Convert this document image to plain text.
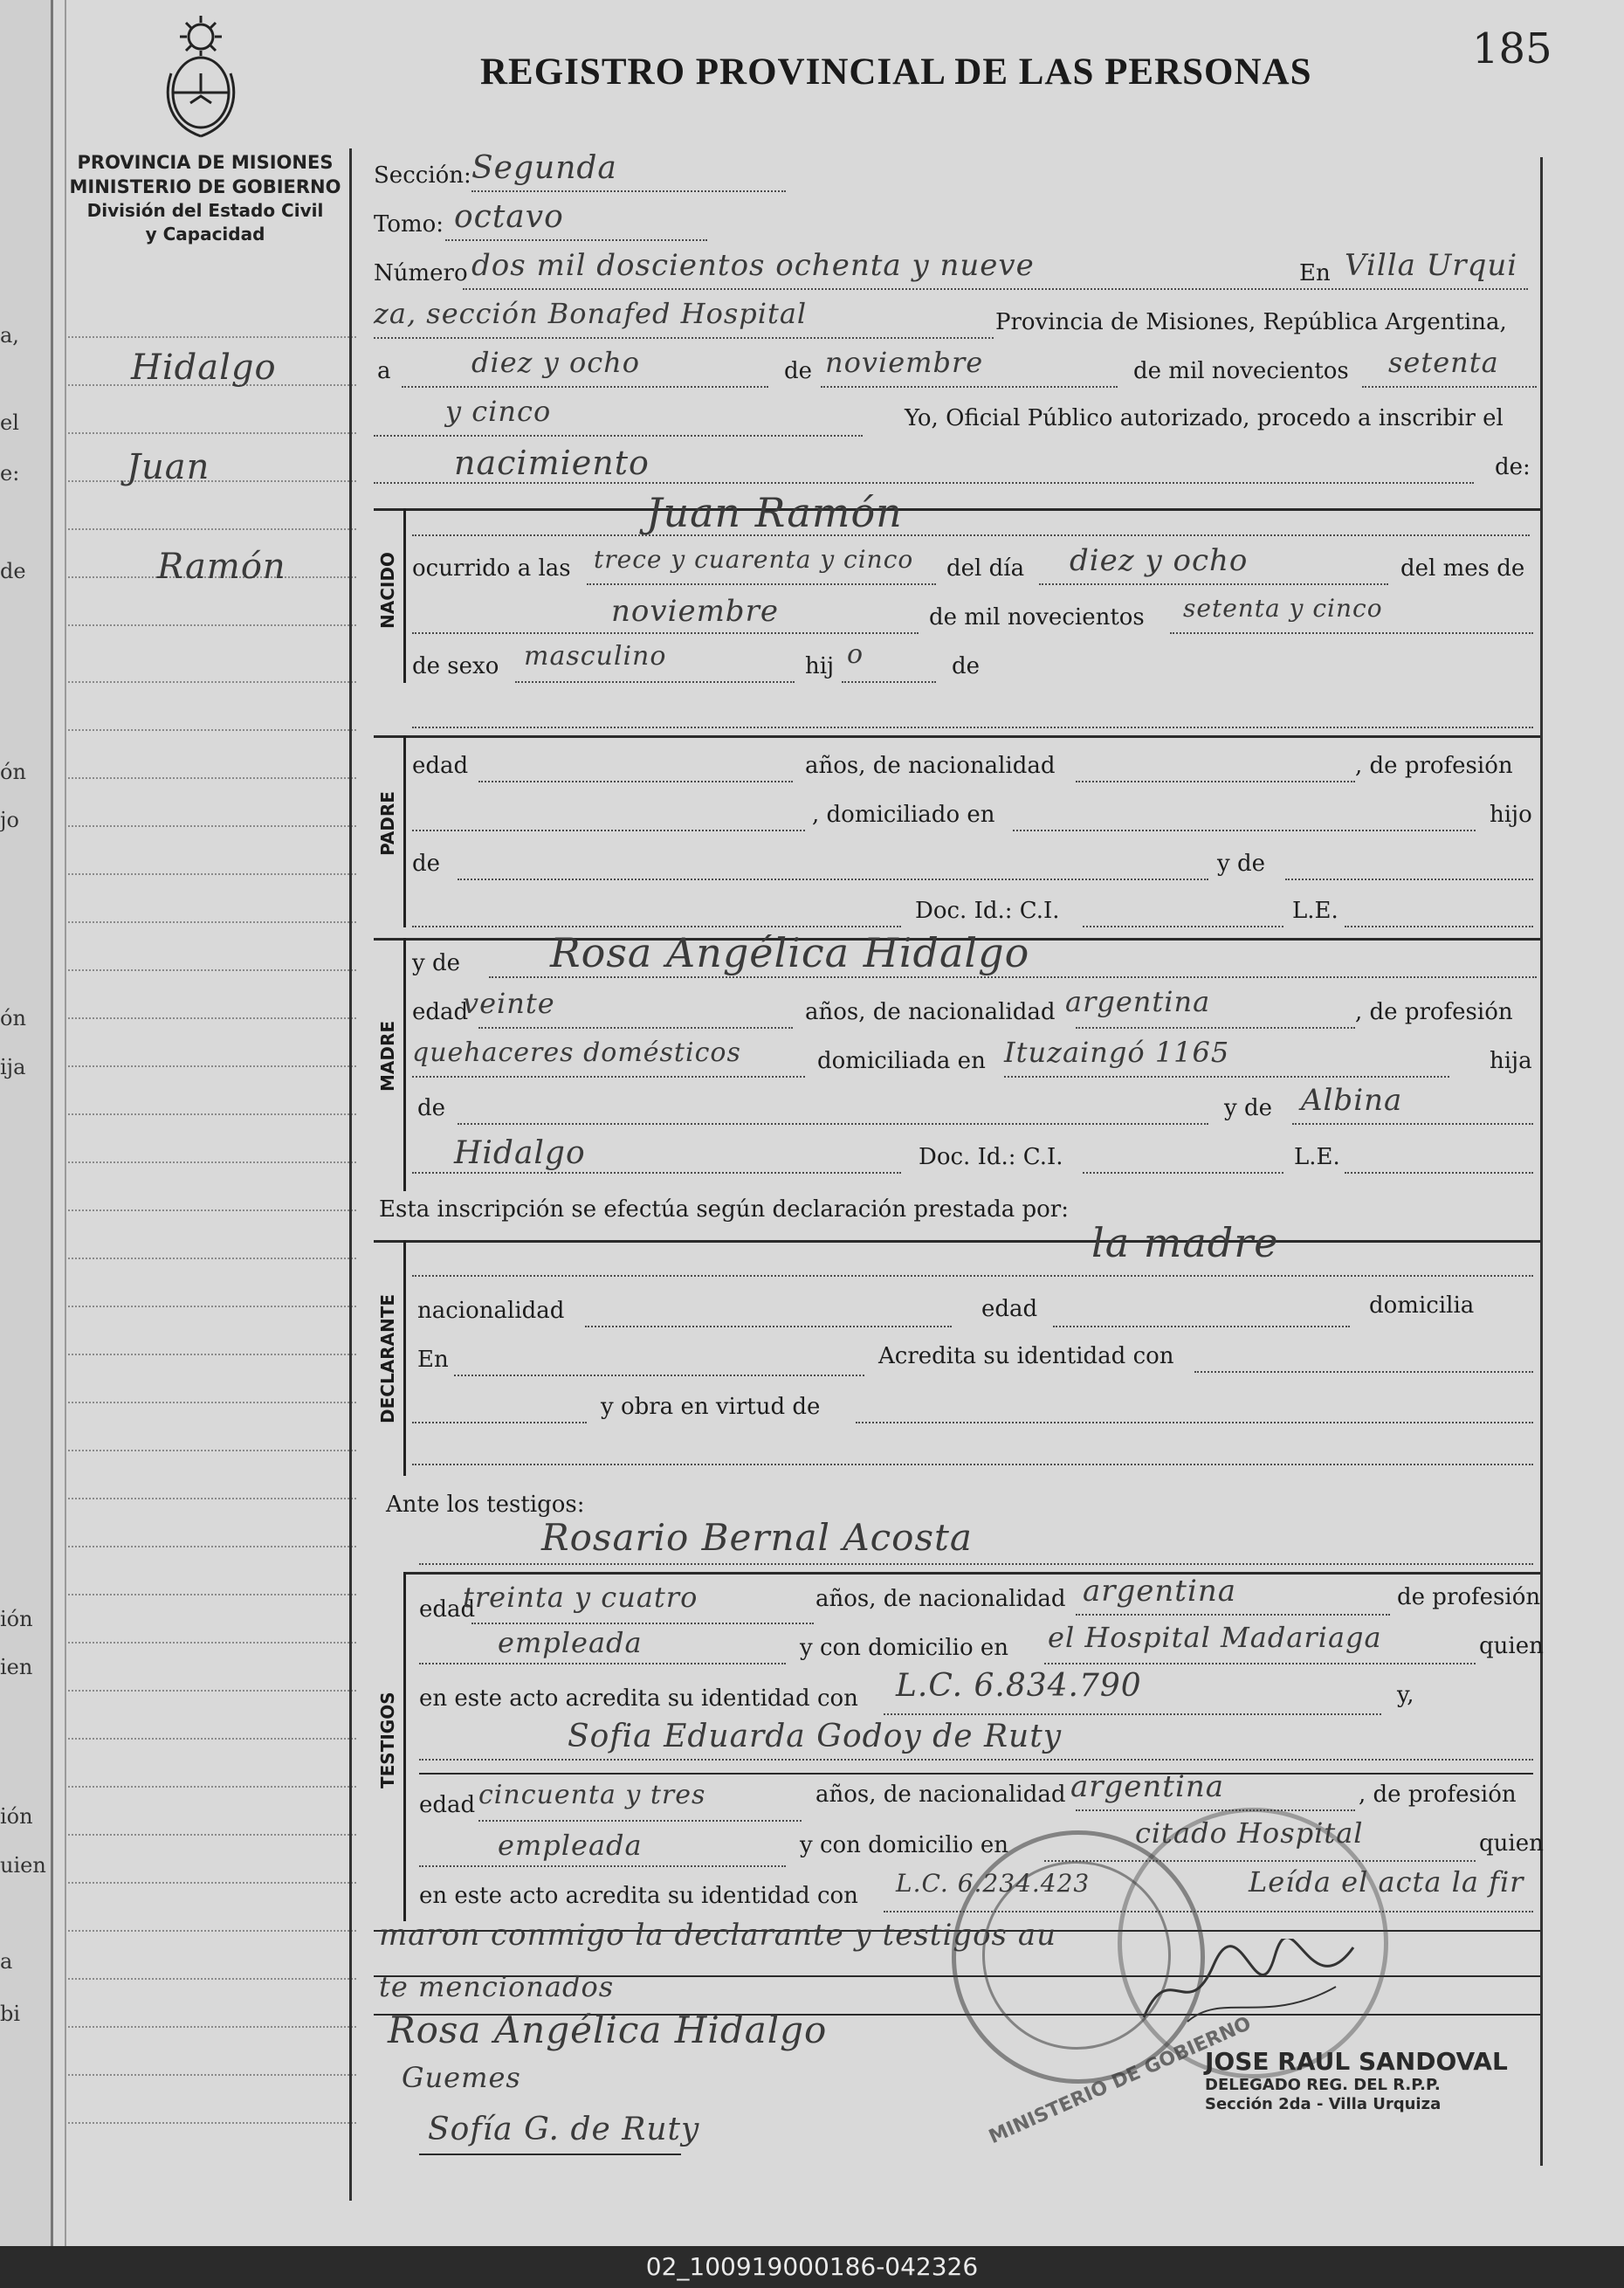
a,
el
e:
de
ón
jo
ón
ija
ión
ien
ión
uien
a
bi
PROVINCIA DE MISIONES
MINISTERIO DE GOBIERNO
División del Estado Civil
y Capacidad
Hidalgo
Juan
Ramón
REGISTRO PROVINCIAL DE LAS PERSONAS	185
Sección: Segunda
Tomo: octavo
Número dos mil doscientos ochenta y nueve	En Villa Urqui
za, sección Bonafed Hospital	Provincia de Misiones, República Argentina,
a	diez y ocho	de noviembre	de mil novecientos setenta
y cinco	Yo, Oficial Público autorizado, procedo a inscribir el
nacimiento	de:
NACIDO
Juan Ramón
ocurrido a las trece y cuarenta y cinco del día diez y ocho	del mes de
noviembre	de mil novecientos setenta y cinco
de sexo masculino	hij o	de
PADRE
edad	años, de nacionalidad	, de profesión
, domiciliado en	hijo
de	y de
Doc. Id.: C.I.	L.E.
MADRE
y de Rosa Angélica Hidalgo
edad
veinte	años, de nacionalidad argentina	, de profesión
quehaceres domésticos	domiciliada en Ituzaingó 1165	hija
de	y de Albina
Hidalgo	Doc. Id.: C.I.	L.E.
Esta inscripción se efectúa según declaración prestada por:
DECLARANTE
la madre
nacionalidad	edad	domicilia
En	Acredita su identidad con
y obra en virtud de
Ante los testigos:
TESTIGOS
Rosario Bernal Acosta
edad
treinta y cuatro	años, de nacionalidad argentina	de profesión
empleada	y con domicilio en el Hospital Madariaga	quien
en este acto acredita su identidad con L.C. 6.834.790	y,
Sofia Eduarda Godoy de Ruty
edad cincuenta y tres	años, de nacionalidad argentina	, de profesión
empleada	y con domicilio en	citado Hospital	quien
en este acto acredita su identidad con L.C. 6.234.423	Leída el acta la fir
maron conmigo la declarante y testigos au
te mencionados
Rosa Angélica Hidalgo
Guemes
Sofía G. de Ruty	MINISTERIO DE GOBIERNO
JOSE RAUL SANDOVAL
DELEGADO REG. DEL R.P.P.
Sección 2da - Villa Urquiza
02_100919000186-042326
